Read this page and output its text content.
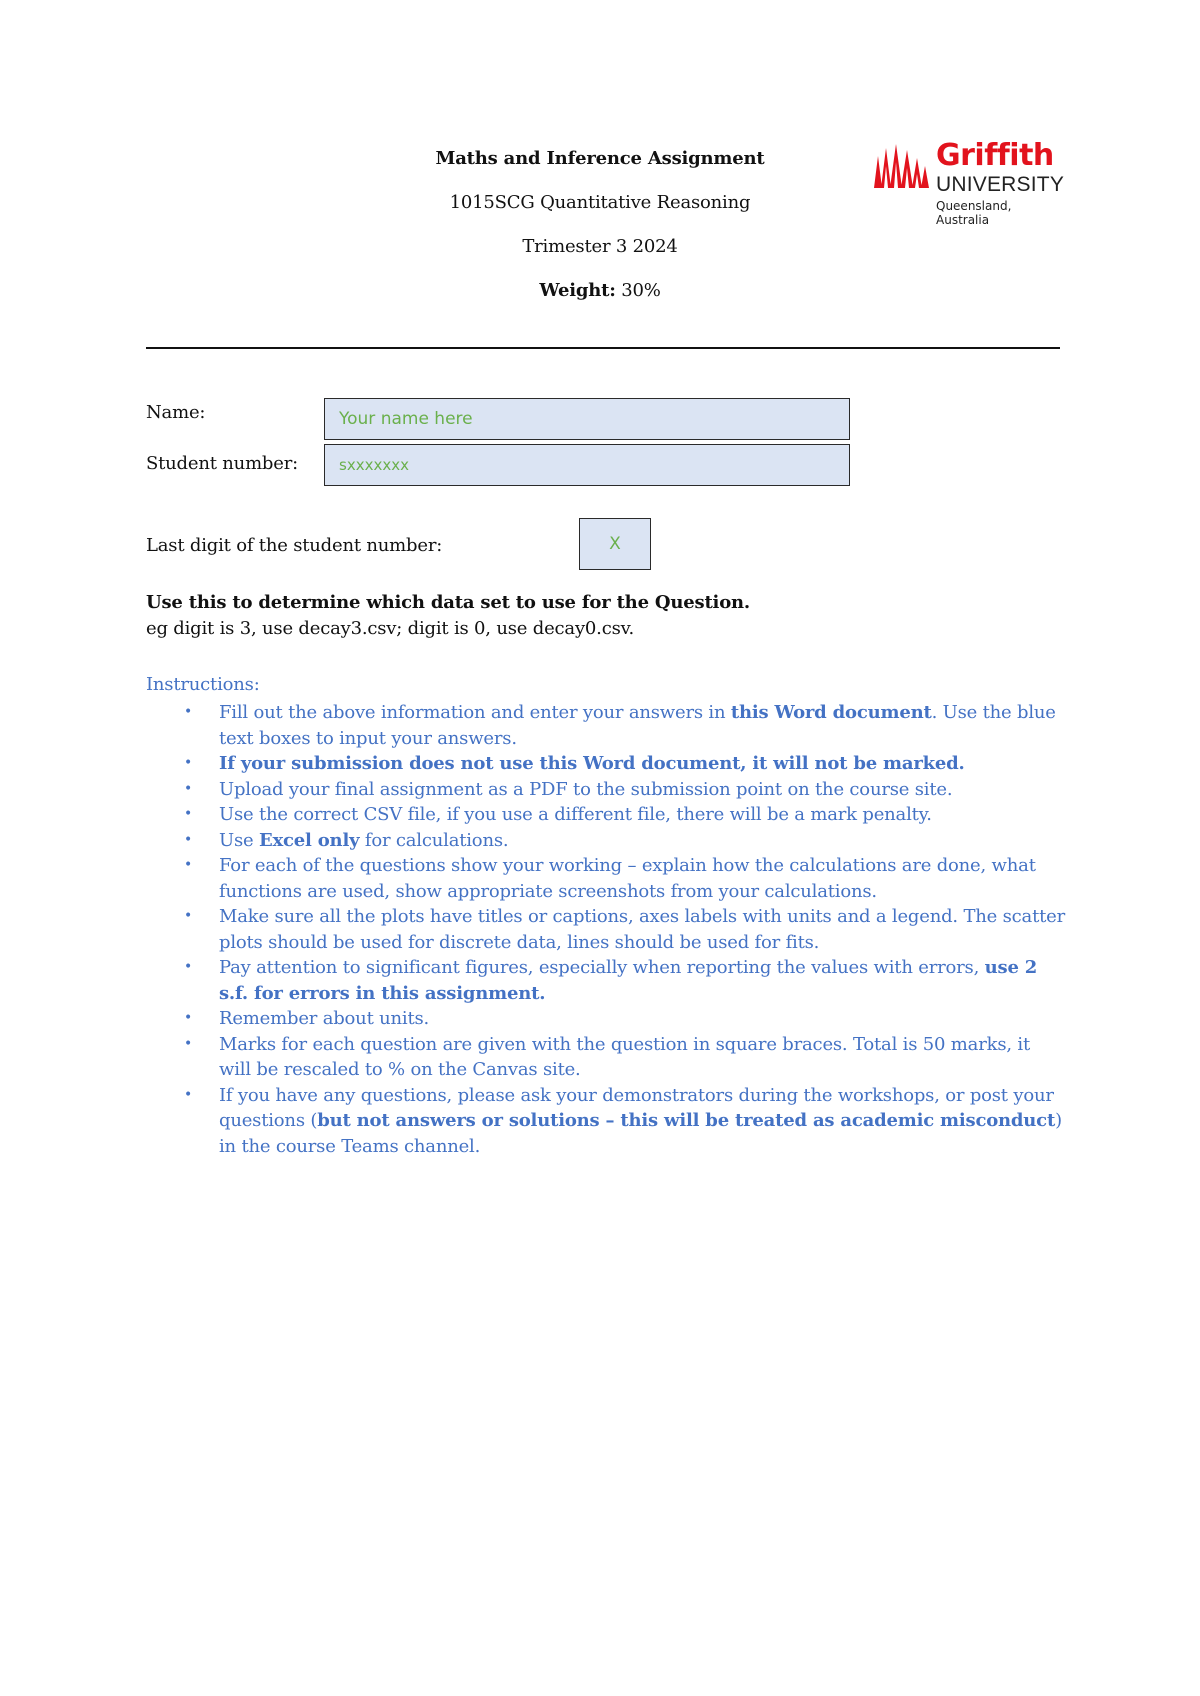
Maths and Inference Assignment
1015SCG Quantitative Reasoning
Trimester 3 2024
Weight: 30%
Griffith
UNIVERSITY
Queensland, Australia
Name:	Your name here
Student number:	sxxxxxxx
Last digit of the student number:	X
Use this to determine which data set to use for the Question.
eg digit is 3, use decay3.csv; digit is 0, use decay0.csv.
Instructions:
• Fill out the above information and enter your answers in this Word document. Use the blue text boxes to input your answers.
• If your submission does not use this Word document, it will not be marked.
• Upload your final assignment as a PDF to the submission point on the course site.
• Use the correct CSV file, if you use a different file, there will be a mark penalty.
• Use Excel only for calculations.
• For each of the questions show your working – explain how the calculations are done, what functions are used, show appropriate screenshots from your calculations.
• Make sure all the plots have titles or captions, axes labels with units and a legend. The scatter plots should be used for discrete data, lines should be used for fits.
• Pay attention to significant figures, especially when reporting the values with errors, use 2 s.f. for errors in this assignment.
• Remember about units.
• Marks for each question are given with the question in square braces. Total is 50 marks, it will be rescaled to % on the Canvas site.
• If you have any questions, please ask your demonstrators during the workshops, or post your questions (but not answers or solutions – this will be treated as academic misconduct) in the course Teams channel.
